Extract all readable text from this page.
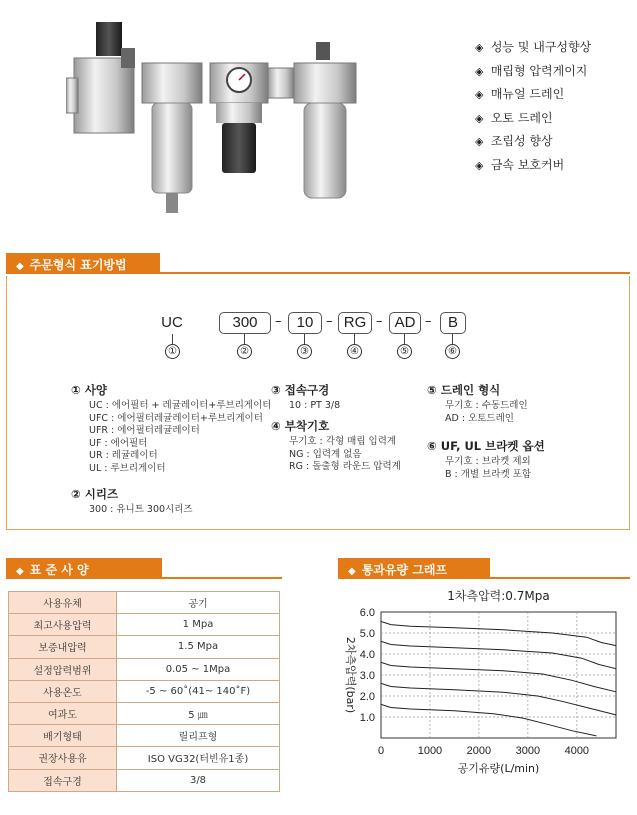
◈ 성능 및 내구성향상
◈ 매립형 압력게이지
◈ 매뉴얼 드레인
◈ 오토 드레인
◈ 조립성 향상
◈ 금속 보호커버
◆ 주문형식 표기방법
UC	300	–	10 – RG – AD –	B
①	②	③	④	⑤	⑥
① 사양
UC : 에어필터 + 레귤레이터+루브리게이터
UFC : 에어필터레귤레이터+루브리게이터
UFR : 에어필터레귤레이터
UF : 에어필터
UR : 레귤레이터
UL : 루브리게이터
② 시리즈
300 : 유니트 300시리즈
③ 접속구경
10 : PT 3/8
④ 부착기호
무기호 : 각형 매립 입력계
NG : 입력계 없음
RG : 돌출형 라운드 압력계
⑤ 드레인 형식
무기호 : 수동드레인
AD : 오토드레인
⑥ UF, UL 브라켓 옵션
무기호 : 브라켓 제외
B : 개별 브라켓 포함
◆ 표 준 사 양
사용유체	공기
최고사용압력	1 Mpa
보증내압력	1.5 Mpa
설정압력범위	0.05 ~ 1Mpa
사용온도	-5 ~ 60˚(41~ 140˚F)
여과도	5 ㎛
배기형태	릴리프형
권장사용유	ISO VG32(터빈유1종)
접속구경	3/8
◆ 통과유량 그래프
1차측압력:0.7Mpa
1.0
2.0
3.0
4.0
5.0
6.0
0	1000 2000 3000 4000
공기유량(L/min)
2차측압력(bar)
